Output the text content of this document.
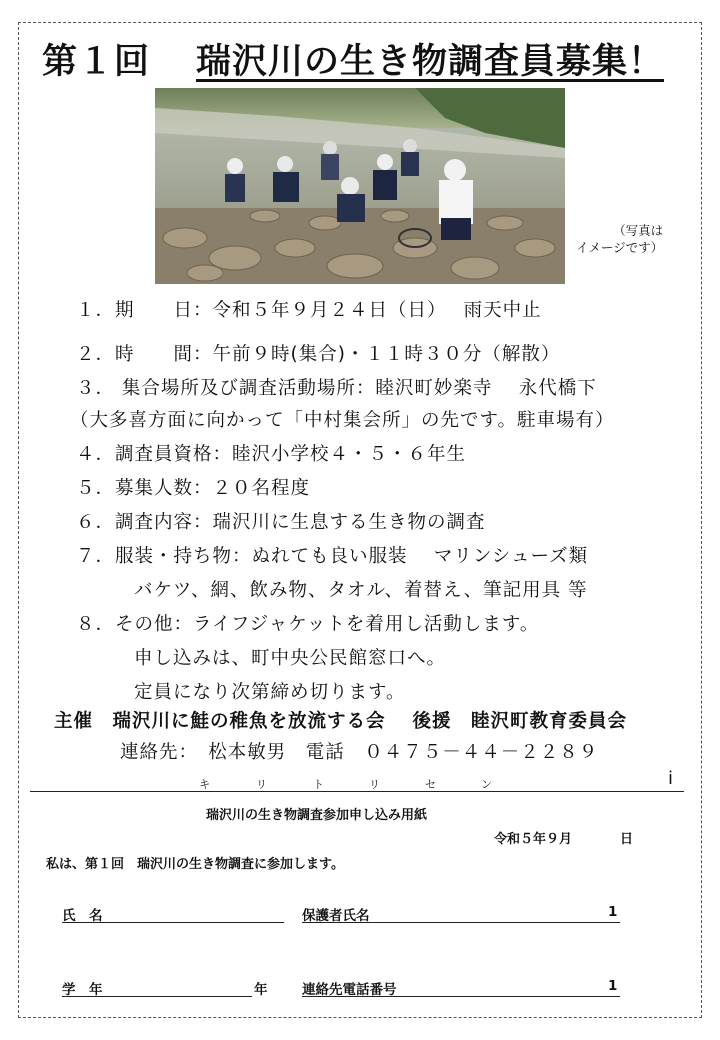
第１回 瑞沢川の生き物調査員募集！
（写真は
イメージです）
１．期　　日：令和５年９月２４日（日）　 雨天中止
２．時　　間：午前９時(集合)・１１時３０分（解散）
３． 集合場所及び調査活動場所：睦沢町妙楽寺　 永代橋下
（大多喜方面に向かって「中村集会所」の先です。駐車場有）
４．調査員資格：睦沢小学校４・５・６年生
５．募集人数：２０名程度
６．調査内容：瑞沢川に生息する生き物の調査
７．服装・持ち物：ぬれても良い服装　 マリンシューズ類
バケツ、網、飲み物、タオル、着替え、筆記用具 等
８．その他：ライフジャケットを着用し活動します。
申し込みは、町中央公民館窓口へ。
定員になり次第締め切ります。
主催　瑞沢川に鮭の稚魚を放流する会　 後援　睦沢町教育委員会
連絡先：　松本敏男　電話　０４７５－４４－２２８９
キ	リ	ト	リ	セ	ン	i
瑞沢川の生き物調査参加申し込み用紙
令和５年９月	日
私は、第１回　瑞沢川の生き物調査に参加します。
氏　名	保護者氏名	1
学　年	年	連絡先電話番号	1
